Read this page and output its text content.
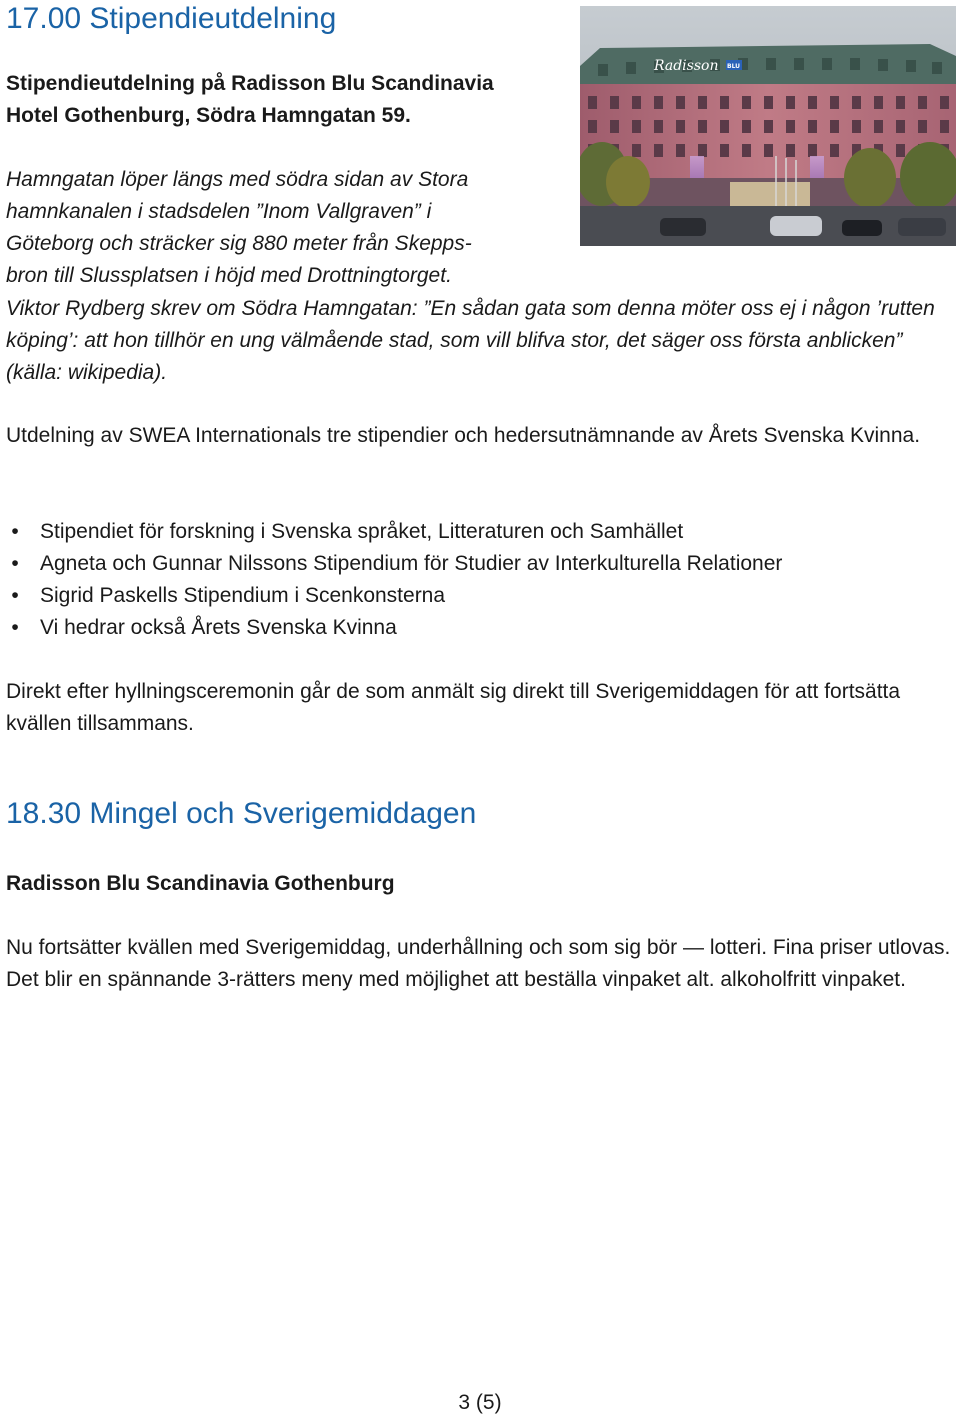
17.00 Stipendieutdelning

Stipendieutdelning på Radisson Blu Scandinavia

Hotel Gothenburg, Södra Hamngatan 59.

Radisson BLU

Hamngatan löper längs med södra sidan av Stora
hamnkanalen i stadsdelen ”Inom Vallgraven” i
Göteborg och sträcker sig 880 meter från Skepps-
bron till Slussplatsen i höjd med Drottningtorget.

Viktor Rydberg skrev om Södra Hamngatan: ”En sådan gata som denna möter oss ej i någon ’rutten köping’: att hon tillhör en ung välmående stad, som vill blifva stor, det säger oss första anblicken” (källa: wikipedia).

Utdelning av SWEA Internationals tre stipendier och hedersutnämnande av Årets Svenska Kvinna.

• Stipendiet för forskning i Svenska språket, Litteraturen och Samhället
• Agneta och Gunnar Nilssons Stipendium för Studier av Interkulturella Relationer
• Sigrid Paskells Stipendium i Scenkonsterna
• Vi hedrar också Årets Svenska Kvinna

Direkt efter hyllningsceremonin går de som anmält sig direkt till Sverigemiddagen för att fortsätta kvällen tillsammans.

18.30 Mingel och Sverigemiddagen

Radisson Blu Scandinavia Gothenburg

Nu fortsätter kvällen med Sverigemiddag, underhållning och som sig bör — lotteri. Fina priser utlovas. Det blir en spännande 3-rätters meny med möjlighet att beställa vinpaket alt. alkoholfritt vinpaket.

3 (5)
